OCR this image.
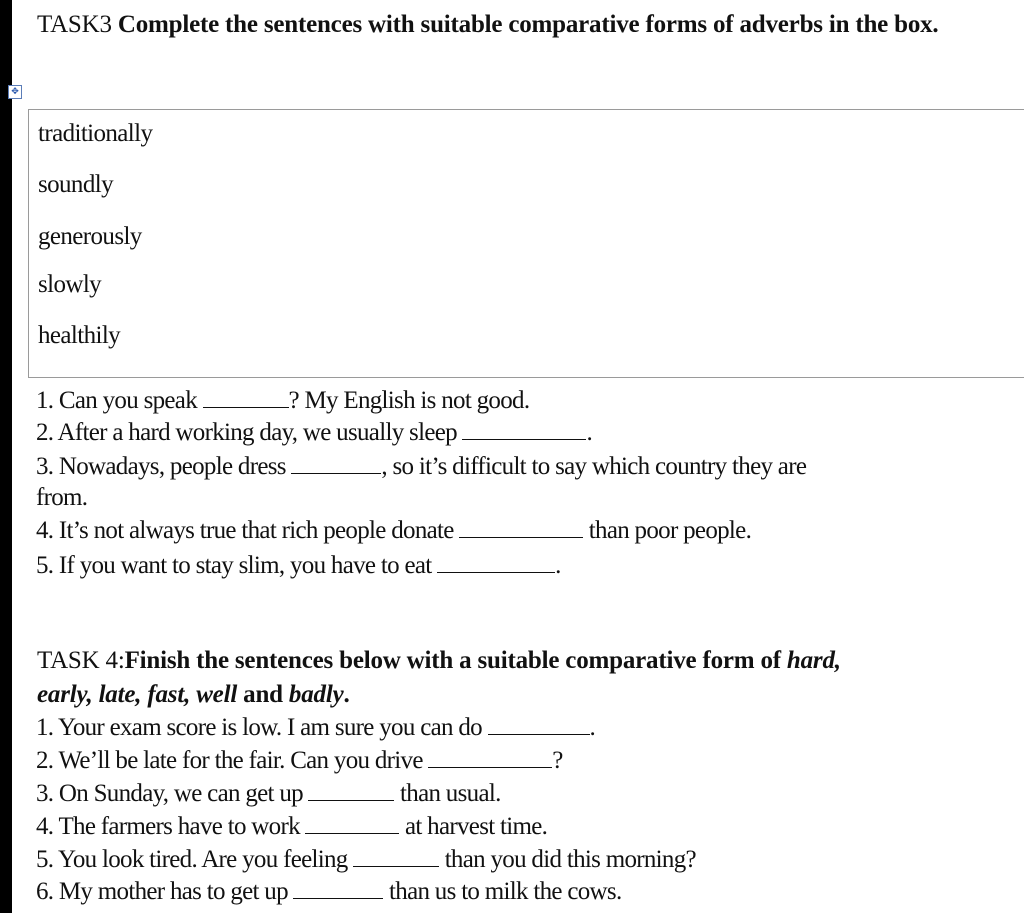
✥
TASK3 Complete the sentences with suitable comparative forms of adverbs in the box.
traditionally
soundly
generously
slowly
healthily
1. Can you speak	? My English is not good.
2. After a hard working day, we usually sleep	.
3. Nowadays, people dress	, so it’s difficult to say which country they are
from.
4. It’s not always true that rich people donate	than poor people.
5. If you want to stay slim, you have to eat	.
TASK 4:Finish the sentences below with a suitable comparative form of hard,
early, late, fast, well and badly.
1. Your exam score is low. I am sure you can do	.
2. We’ll be late for the fair. Can you drive	?
3. On Sunday, we can get up	than usual.
4. The farmers have to work	at harvest time.
5. You look tired. Are you feeling	than you did this morning?
6. My mother has to get up	than us to milk the cows.
